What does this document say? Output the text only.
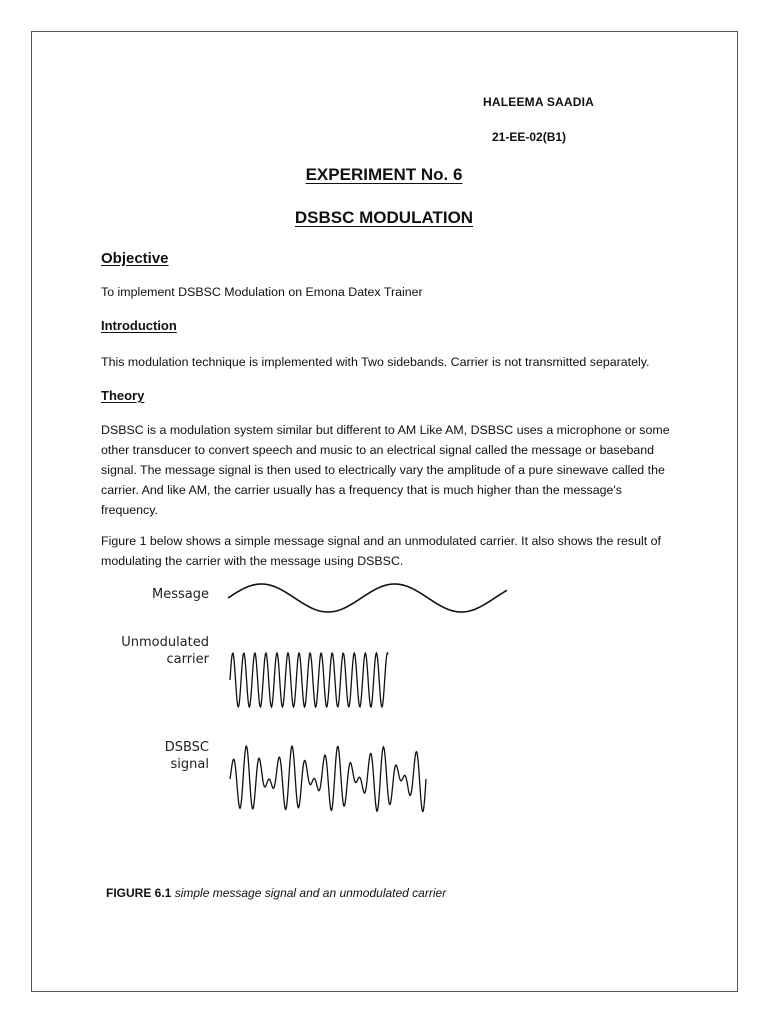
HALEEMA SAADIA

21-EE-02(B1)

EXPERIMENT No. 6

DSBSC MODULATION

Objective

To implement DSBSC Modulation on Emona Datex Trainer

Introduction

This modulation technique is implemented with Two sidebands. Carrier is not transmitted separately.

Theory

DSBSC is a modulation system similar but different to AM Like AM, DSBSC uses a microphone or some other transducer to convert speech and music to an electrical signal called the message or baseband signal. The message signal is then used to electrically vary the amplitude of a pure sinewave called the carrier. And like AM, the carrier usually has a frequency that is much higher than the message's frequency.

Figure 1 below shows a simple message signal and an unmodulated carrier. It also shows the result of modulating the carrier with the message using DSBSC.

Message
Unmodulated
carrier
DSBSC
signal

FIGURE 6.1 simple message signal and an unmodulated carrier
